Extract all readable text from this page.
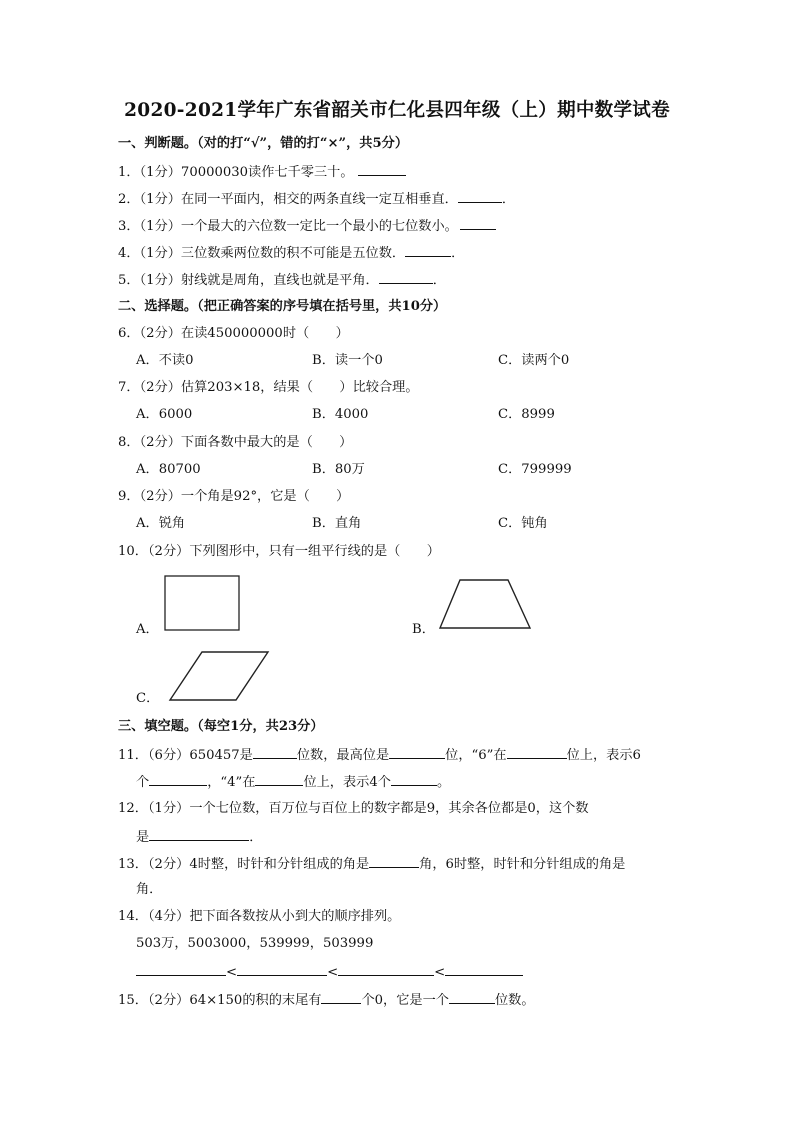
2020-2021学年广东省韶关市仁化县四年级（上）期中数学试卷
一、判断题。（对的打“√”，错的打“×”，共5分）
1．（1分）70000030读作七千零三十。
2．（1分）在同一平面内，相交的两条直线一定互相垂直．	．
3．（1分）一个最大的六位数一定比一个最小的七位数小。
4．（1分）三位数乘两位数的积不可能是五位数．	．
5．（1分）射线就是周角，直线也就是平角．	．
二、选择题。（把正确答案的序号填在括号里，共10分）
6．（2分）在读450000000时（　　）
A．不读0	B．读一个0	C．读两个0
7．（2分）估算203×18，结果（　　）比较合理。
A．6000	B．4000	C．8999
8．（2分）下面各数中最大的是（　　）
A．80700	B．80万	C．799999
9．（2分）一个角是92°，它是（　　）
A．锐角	B．直角	C．钝角
10．（2分）下列图形中，只有一组平行线的是（　　）
A．	B．
C．
三、填空题。（每空1分，共23分）
11．（6分）650457是	位数，最高位是	位，“6”在	位上，表示6
个	，“4”在	位上，表示4个	。
12．（1分）一个七位数，百万位与百位上的数字都是9，其余各位都是0，这个数
是	．
13．（2分）4时整，时针和分针组成的角是	角，6时整，时针和分针组成的角是
角．
14．（4分）把下面各数按从小到大的顺序排列。
503万，5003000，539999，503999
<	<	<
15．（2分）64×150的积的末尾有	个0，它是一个	位数。
